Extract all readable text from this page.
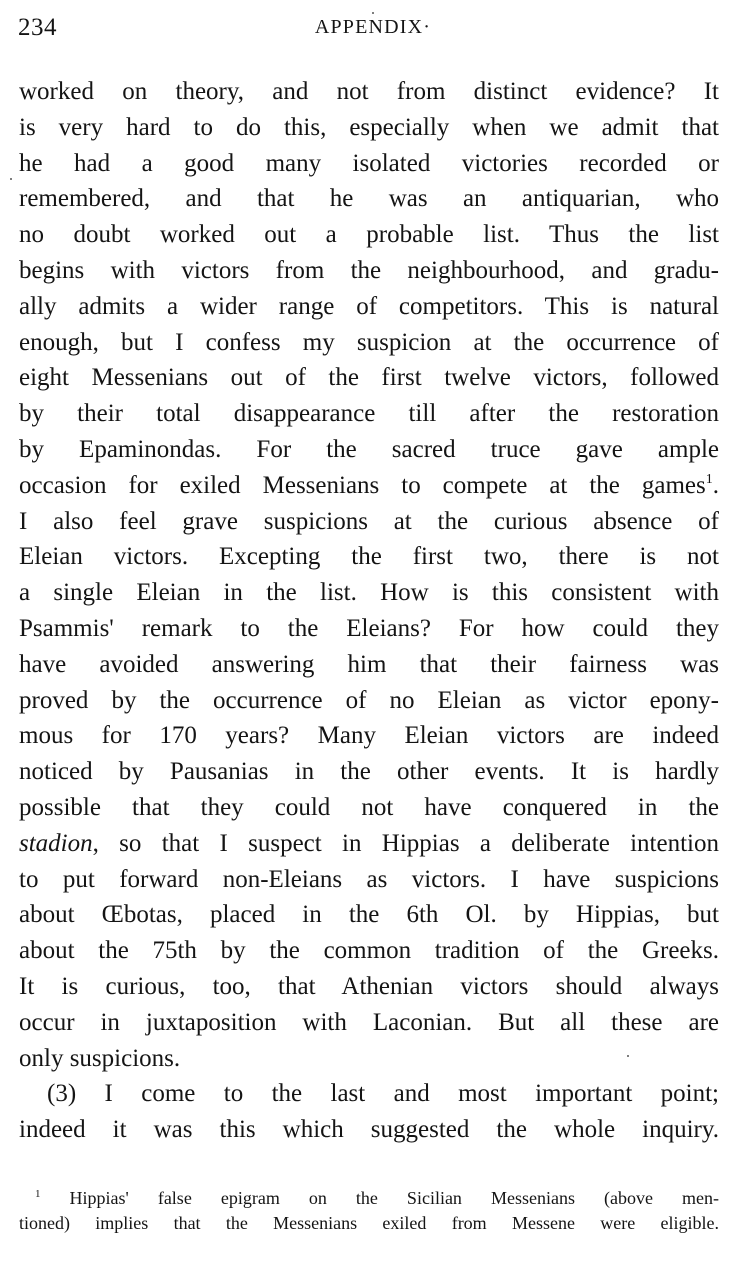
234	APPENDIX·
worked on theory, and not from distinct evidence? It
is very hard to do this, especially when we admit that
he had a good many isolated victories recorded or
remembered, and that he was an antiquarian, who
no doubt worked out a probable list. Thus the list
begins with victors from the neighbourhood, and gradu-
ally admits a wider range of competitors. This is natural
enough, but I confess my suspicion at the occurrence of
eight Messenians out of the first twelve victors, followed
by their total disappearance till after the restoration
by Epaminondas. For the sacred truce gave ample
occasion for exiled Messenians to compete at the games$^1$.
I also feel grave suspicions at the curious absence of
Eleian victors. Excepting the first two, there is not
a single Eleian in the list. How is this consistent with
Psammis' remark to the Eleians? For how could they
have avoided answering him that their fairness was
proved by the occurrence of no Eleian as victor epony-
mous for 170 years? Many Eleian victors are indeed
noticed by Pausanias in the other events. It is hardly
possible that they could not have conquered in the
stadion, so that I suspect in Hippias a deliberate intention
to put forward non-Eleians as victors. I have suspicions
about Œbotas, placed in the 6th Ol. by Hippias, but
about the 75th by the common tradition of the Greeks.
It is curious, too, that Athenian victors should always
occur in juxtaposition with Laconian. But all these are
only suspicions.
(3) I come to the last and most important point;
indeed it was this which suggested the whole inquiry.
$^1$ Hippias' false epigram on the Sicilian Messenians (above men-
tioned) implies that the Messenians exiled from Messene were eligible.
